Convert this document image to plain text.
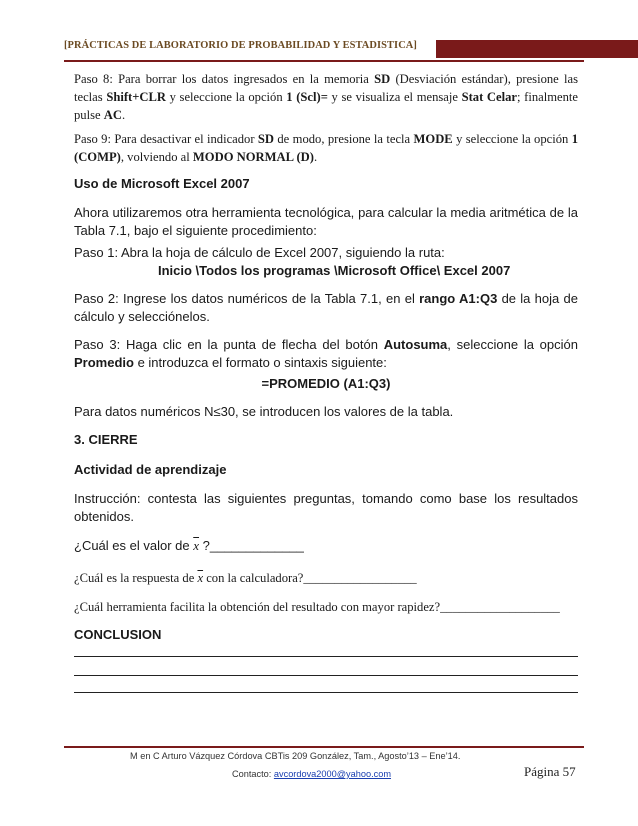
[PRÁCTICAS DE LABORATORIO DE PROBABILIDAD Y ESTADISTICA]
Paso 8: Para borrar los datos ingresados en la memoria SD (Desviación estándar), presione las teclas Shift+CLR y seleccione la opción 1 (Scl)= y se visualiza el mensaje Stat Celar; finalmente pulse AC.
Paso 9: Para desactivar el indicador SD de modo, presione la tecla MODE y seleccione la opción 1 (COMP), volviendo al MODO NORMAL (D).
Uso de Microsoft Excel 2007
Ahora utilizaremos otra herramienta tecnológica, para calcular la media aritmética de la Tabla 7.1, bajo el siguiente procedimiento:
Paso 1: Abra la hoja de cálculo de Excel 2007, siguiendo la ruta:
Inicio \Todos los programas \Microsoft Office\ Excel 2007
Paso 2: Ingrese los datos numéricos de la Tabla 7.1, en el rango A1:Q3 de la hoja de cálculo y selecciónelos.
Paso 3: Haga clic en la punta de flecha del botón Autosuma, seleccione la opción Promedio e introduzca el formato o sintaxis siguiente:
=PROMEDIO (A1:Q3)
Para datos numéricos N≤30, se introducen los valores de la tabla.
3. CIERRE
Actividad de aprendizaje
Instrucción: contesta las siguientes preguntas, tomando como base los resultados obtenidos.
¿Cuál es el valor de $\overline{x}$ ?_____________
¿Cuál es la respuesta de $\overline{x}$ con la calculadora?__________________
¿Cuál herramienta facilita la obtención del resultado con mayor rapidez?___________________
CONCLUSION
M en C Arturo Vázquez Córdova CBTis 209 González, Tam., Agosto’13 – Ene’14.
Contacto: avcordova2000@yahoo.com	Página 57
